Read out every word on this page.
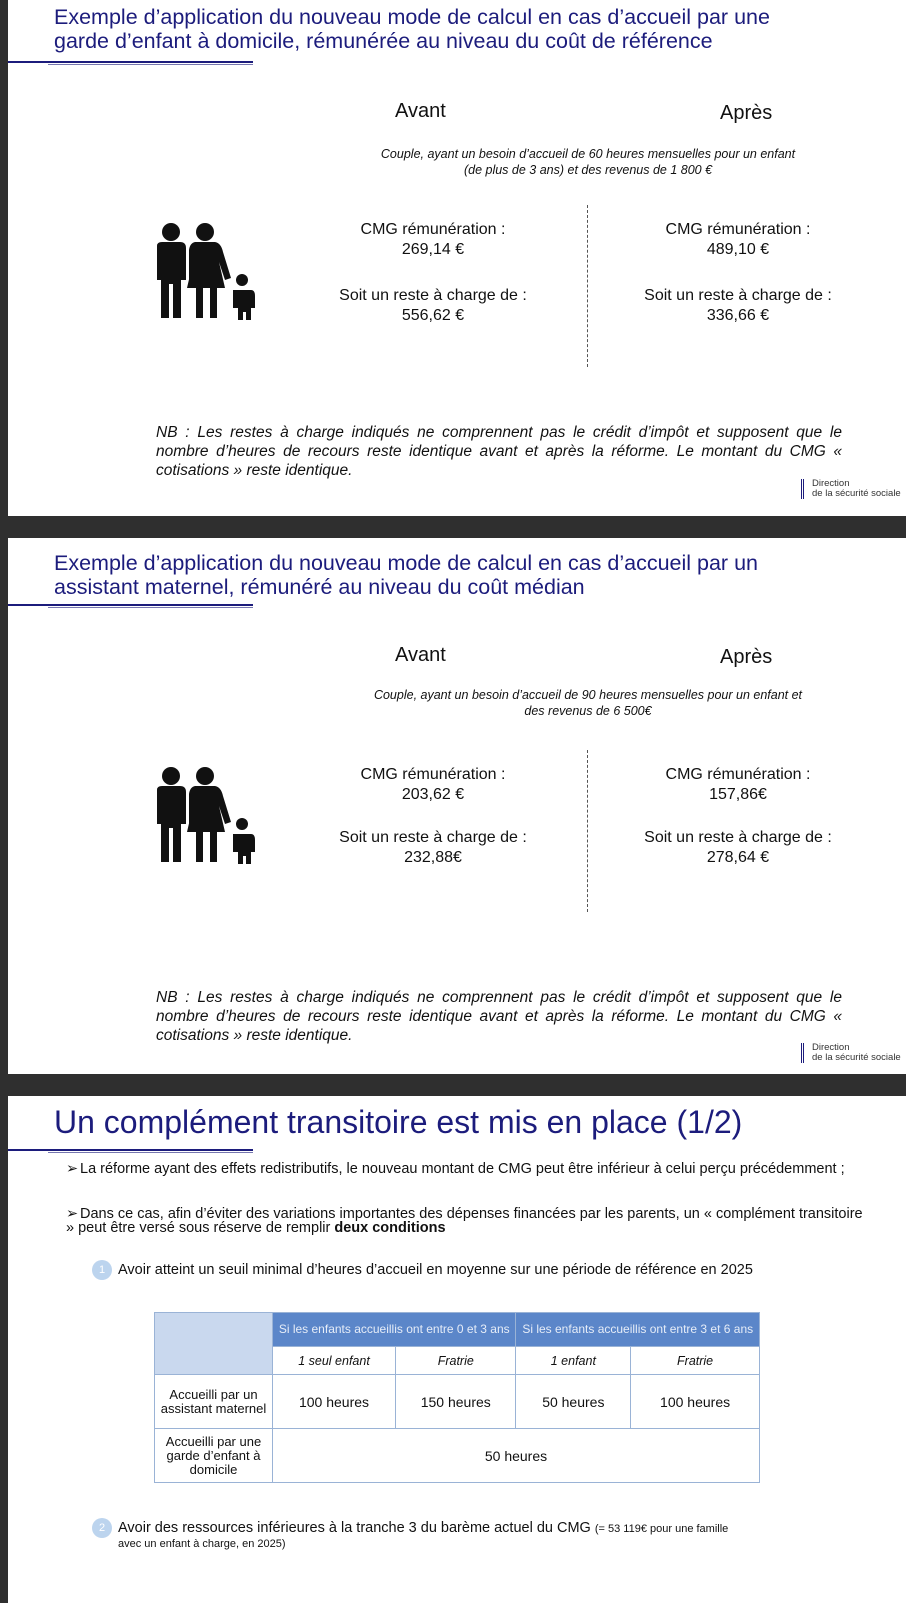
Exemple d’application du nouveau mode de calcul en cas d’accueil par une
garde d’enfant à domicile, rémunérée au niveau du coût de référence
Avant	Après
Couple, ayant un besoin d’accueil de 60 heures mensuelles pour un enfant
(de plus de 3 ans) et des revenus de 1 800 €
CMG rémunération :
269,14 €
Soit un reste à charge de :
556,62 €
CMG rémunération :
489,10 €
Soit un reste à charge de :
336,66 €
NB : Les restes à charge indiqués ne comprennent pas le crédit d’impôt et supposent que le nombre d’heures de recours reste identique avant et après la réforme. Le montant du CMG « cotisations » reste identique.
Direction
de la sécurité sociale
Exemple d’application du nouveau mode de calcul en cas d’accueil par un
assistant maternel, rémunéré au niveau du coût médian
Avant	Après
Couple, ayant un besoin d’accueil de 90 heures mensuelles pour un enfant et
des revenus de 6 500€
CMG rémunération :
203,62 €
Soit un reste à charge de :
232,88€
CMG rémunération :
157,86€
Soit un reste à charge de :
278,64 €
NB : Les restes à charge indiqués ne comprennent pas le crédit d’impôt et supposent que le nombre d’heures de recours reste identique avant et après la réforme. Le montant du CMG « cotisations » reste identique.
Direction
de la sécurité sociale
Un complément transitoire est mis en place (1/2)
➢ La réforme ayant des effets redistributifs, le nouveau montant de CMG peut être inférieur à celui perçu précédemment ;
➢ Dans ce cas, afin d’éviter des variations importantes des dépenses financées par les parents, un « complément transitoire » peut être versé sous réserve de remplir deux conditions
1 Avoir atteint un seuil minimal d’heures d’accueil en moyenne sur une période de référence en 2025
	Si les enfants accueillis ont entre 0 et 3 ans		Si les enfants accueillis ont entre 3 et 6 ans	
	1 seul enfant	Fratrie	1 enfant	Fratrie
Accueilli par un assistant maternel	100 heures	150 heures	50 heures	100 heures
Accueilli par une garde d’enfant à domicile	50 heures			
2 Avoir des ressources inférieures à la tranche 3 du barème actuel du CMG (= 53 119€ pour une famille
avec un enfant à charge, en 2025)
